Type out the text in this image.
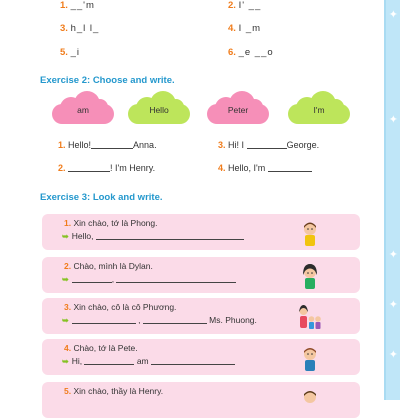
✦
✦
✦
✦
✦
1. __'m	2. I' __
3. h_l l_	4. I _m
5. _i	6. _e __o
Exercise 2: Choose and write.
am	Hello	Peter	I'm
1. Hello!	Anna.	3. Hi! I	George.
2.	! I'm Henry.	4. Hello, I'm
Exercise 3: Look and write.
1. Xin chào, tớ là Phong.
➥ Hello,
2. Chào, mình là Dylan.
➥	,
3. Xin chào, cô là cô Phương.
➥	,	Ms. Phuong.
4. Chào, tớ là Pete.
➥ Hi,	am
5. Xin chào, thầy là Henry.
